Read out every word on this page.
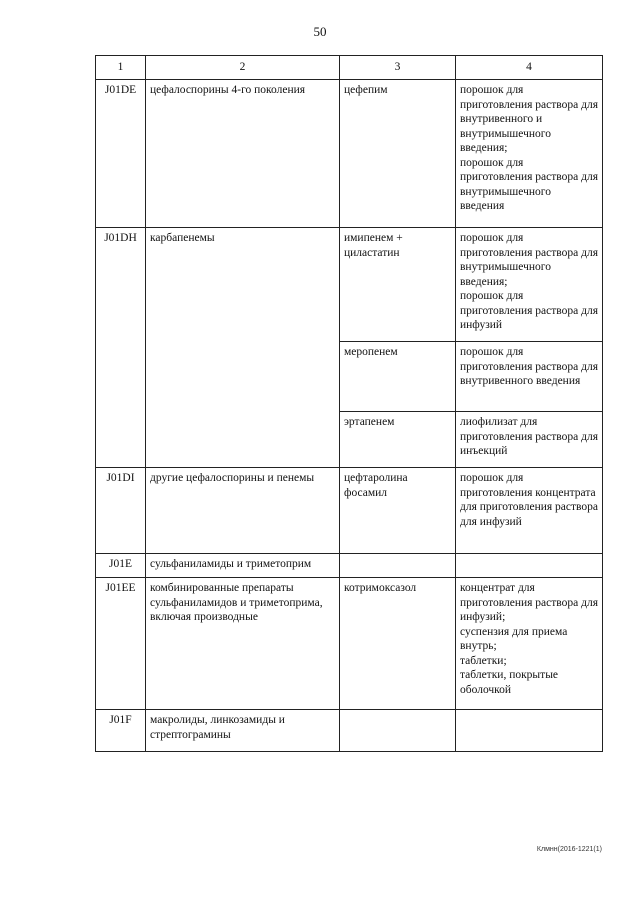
50
1	2	3	4
J01DE	цефалоспорины 4-го поколения	цефепим	порошок для приготовления раствора для внутривенного и внутримышечного введения;
порошок для приготовления раствора для внутримышечного введения
J01DH	карбапенемы	имипенем + циластатин	порошок для приготовления раствора для внутримышечного введения;
порошок для приготовления раствора для инфузий
		меропенем	порошок для приготовления раствора для внутривенного введения
		эртапенем	лиофилизат для приготовления раствора для инъекций
J01DI	другие цефалоспорины и пенемы	цефтаролина фосамил	порошок для приготовления концентрата для приготовления раствора для инфузий
J01E	сульфаниламиды и триметоприм		
J01EE	комбинированные препараты сульфаниламидов и триметоприма, включая производные	котримоксазол	концентрат для приготовления раствора для инфузий;
суспензия для приема внутрь;
таблетки;
таблетки, покрытые оболочкой
J01F	макролиды, линкозамиды и стрептограмины		
Клмнн(2016-1221(1)
